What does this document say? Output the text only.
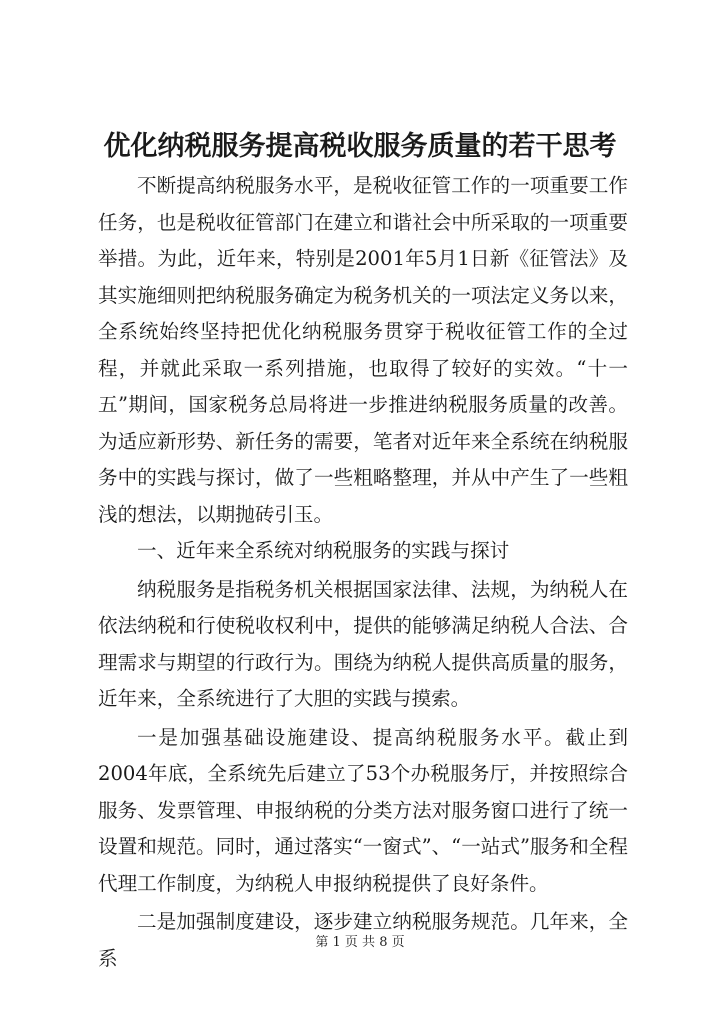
优化纳税服务提高税收服务质量的若干思考

不断提高纳税服务水平，是税收征管工作的一项重要工作任务，也是税收征管部门在建立和谐社会中所采取的一项重要举措。为此，近年来，特别是2001年5月1日新《征管法》及其实施细则把纳税服务确定为税务机关的一项法定义务以来，全系统始终坚持把优化纳税服务贯穿于税收征管工作的全过程，并就此采取一系列措施，也取得了较好的实效。“十一五”期间，国家税务总局将进一步推进纳税服务质量的改善。为适应新形势、新任务的需要，笔者对近年来全系统在纳税服务中的实践与探讨，做了一些粗略整理，并从中产生了一些粗浅的想法，以期抛砖引玉。

一、近年来全系统对纳税服务的实践与探讨

纳税服务是指税务机关根据国家法律、法规，为纳税人在依法纳税和行使税收权利中，提供的能够满足纳税人合法、合理需求与期望的行政行为。围绕为纳税人提供高质量的服务，近年来，全系统进行了大胆的实践与摸索。

一是加强基础设施建设、提高纳税服务水平。截止到2004年底，全系统先后建立了53个办税服务厅，并按照综合服务、发票管理、申报纳税的分类方法对服务窗口进行了统一设置和规范。同时，通过落实“一窗式”、“一站式”服务和全程代理工作制度，为纳税人申报纳税提供了良好条件。

二是加强制度建设，逐步建立纳税服务规范。几年来，全系

第 1 页 共 8 页
